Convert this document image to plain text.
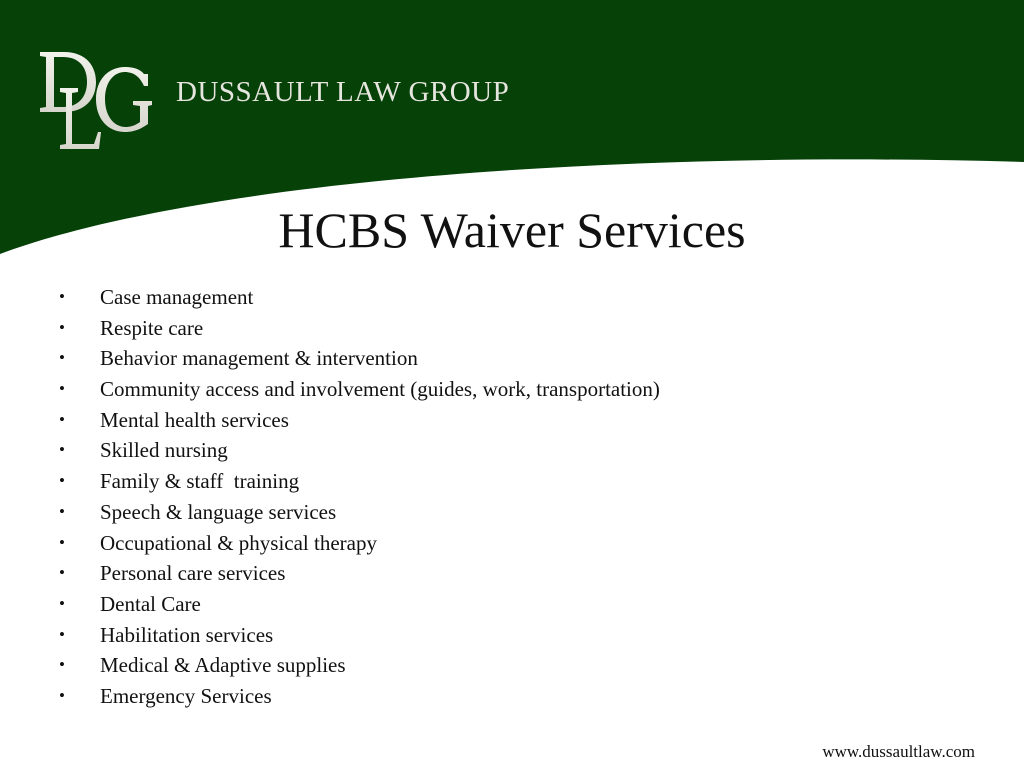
DUSSAULT LAW GROUP
HCBS Waiver Services
• Case management
• Respite care
• Behavior management & intervention
• Community access and involvement (guides, work, transportation)
• Mental health services
• Skilled nursing
• Family & staff  training
• Speech & language services
• Occupational & physical therapy
• Personal care services
• Dental Care
• Habilitation services
• Medical & Adaptive supplies
• Emergency Services
www.dussaultlaw.com
